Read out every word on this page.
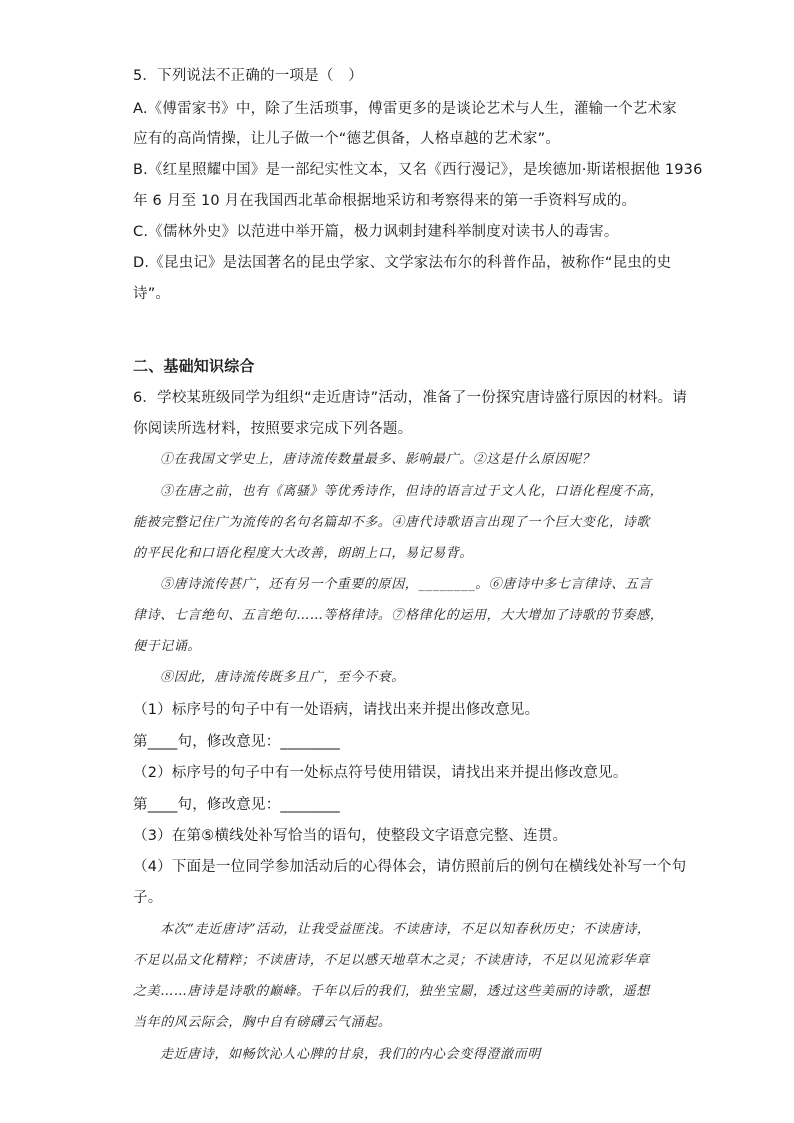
5．下列说法不正确的一项是（　）
A.《傅雷家书》中，除了生活琐事，傅雷更多的是谈论艺术与人生，灌输一个艺术家
应有的高尚情操，让儿子做一个“德艺俱备，人格卓越的艺术家”。
B.《红星照耀中国》是一部纪实性文本，又名《西行漫记》，是埃德加·斯诺根据他 1936
年 6 月至 10 月在我国西北革命根据地采访和考察得来的第一手资料写成的。
C.《儒林外史》以范进中举开篇，极力讽刺封建科举制度对读书人的毒害。
D.《昆虫记》是法国著名的昆虫学家、文学家法布尔的科普作品，被称作“昆虫的史
诗”。
二、基础知识综合
6．学校某班级同学为组织“走近唐诗”活动，准备了一份探究唐诗盛行原因的材料。请
你阅读所选材料，按照要求完成下列各题。
①在我国文学史上，唐诗流传数量最多、影响最广。②这是什么原因呢？
③在唐之前，也有《离骚》等优秀诗作，但诗的语言过于文人化，口语化程度不高，
能被完整记住广为流传的名句名篇却不多。④唐代诗歌语言出现了一个巨大变化，诗歌
的平民化和口语化程度大大改善，朗朗上口，易记易背。
⑤唐诗流传甚广，还有另一个重要的原因，________。⑥唐诗中多七言律诗、五言
律诗、七言绝句、五言绝句……等格律诗。⑦格律化的运用，大大增加了诗歌的节奏感，
便于记诵。
⑧因此，唐诗流传既多且广，至今不衰。
（1）标序号的句子中有一处语病，请找出来并提出修改意见。
第____句，修改意见：________
（2）标序号的句子中有一处标点符号使用错误，请找出来并提出修改意见。
第____句，修改意见：________
（3）在第⑤横线处补写恰当的语句，使整段文字语意完整、连贯。
（4）下面是一位同学参加活动后的心得体会，请仿照前后的例句在横线处补写一个句
子。
本次“走近唐诗”活动，让我受益匪浅。不读唐诗，不足以知春秋历史；不读唐诗，
不足以品文化精粹；不读唐诗，不足以感天地草木之灵；不读唐诗，不足以见流彩华章
之美……唐诗是诗歌的巅峰。千年以后的我们，独坐宝罽，透过这些美丽的诗歌，遥想
当年的风云际会，胸中自有磅礴云气涌起。
走近唐诗，如畅饮沁人心脾的甘泉，我们的内心会变得澄澈而明
